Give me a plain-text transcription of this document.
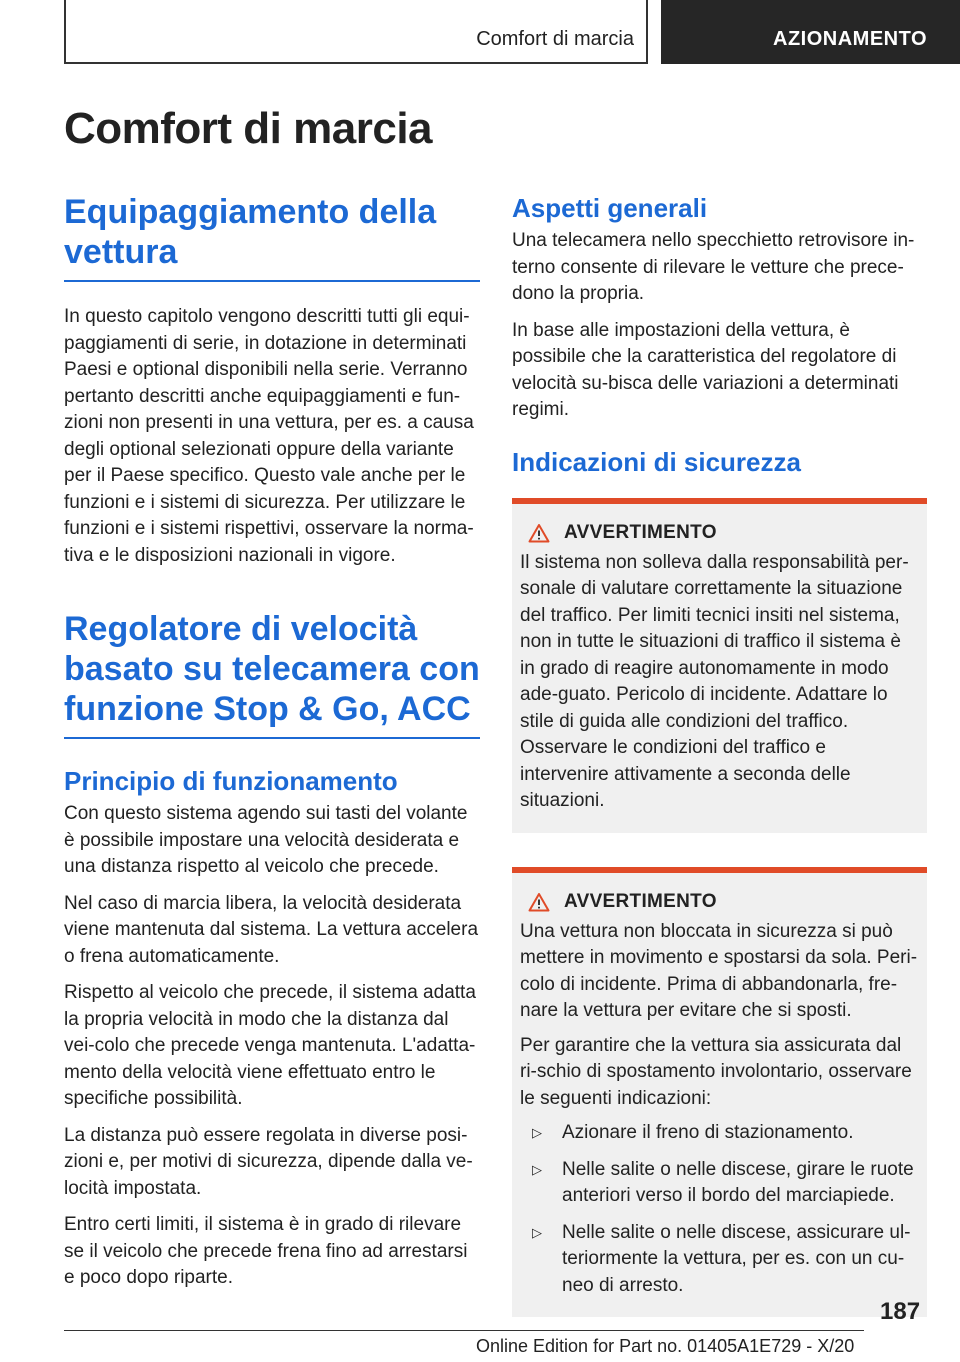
Comfort di marcia	AZIONAMENTO
Comfort di marcia
Equipaggiamento della vettura

In questo capitolo vengono descritti tutti gli equi-paggiamenti di serie, in dotazione in determinati Paesi e optional disponibili nella serie. Verranno pertanto descritti anche equipaggiamenti e fun-zioni non presenti in una vettura, per es. a causa degli optional selezionati oppure della variante per il Paese specifico. Questo vale anche per le funzioni e i sistemi di sicurezza. Per utilizzare le funzioni e i sistemi rispettivi, osservare la norma-tiva e le disposizioni nazionali in vigore.

Regolatore di velocità basato su telecamera con funzione Stop & Go, ACC
Principio di funzionamento

Con questo sistema agendo sui tasti del volante è possibile impostare una velocità desiderata e una distanza rispetto al veicolo che precede.

Nel caso di marcia libera, la velocità desiderata viene mantenuta dal sistema. La vettura accelera o frena automaticamente.

Rispetto al veicolo che precede, il sistema adatta la propria velocità in modo che la distanza dal vei-colo che precede venga mantenuta. L'adatta-mento della velocità viene effettuato entro le specifiche possibilità.

La distanza può essere regolata in diverse posi-zioni e, per motivi di sicurezza, dipende dalla ve-locità impostata.

Entro certi limiti, il sistema è in grado di rilevare se il veicolo che precede frena fino ad arrestarsi e poco dopo riparte.

Aspetti generali

Una telecamera nello specchietto retrovisore in-terno consente di rilevare le vetture che prece-dono la propria.

In base alle impostazioni della vettura, è possibile che la caratteristica del regolatore di velocità su-bisca delle variazioni a determinati regimi.

Indicazioni di sicurezza
AVVERTIMENTO

Il sistema non solleva dalla responsabilità per-sonale di valutare correttamente la situazione del traffico. Per limiti tecnici insiti nel sistema, non in tutte le situazioni di traffico il sistema è in grado di reagire autonomamente in modo ade-guato. Pericolo di incidente. Adattare lo stile di guida alle condizioni del traffico. Osservare le condizioni del traffico e intervenire attivamente a seconda delle situazioni.

AVVERTIMENTO

Una vettura non bloccata in sicurezza si può mettere in movimento e spostarsi da sola. Peri-colo di incidente. Prima di abbandonarla, fre-nare la vettura per evitare che si sposti.

Per garantire che la vettura sia assicurata dal ri-schio di spostamento involontario, osservare le seguenti indicazioni:

▷ Azionare il freno di stazionamento.
▷ Nelle salite o nelle discese, girare le ruote anteriori verso il bordo del marciapiede.
▷ Nelle salite o nelle discese, assicurare ul-teriormente la vettura, per es. con un cu-neo di arresto.
187
Online Edition for Part no. 01405A1E729 - X/20
